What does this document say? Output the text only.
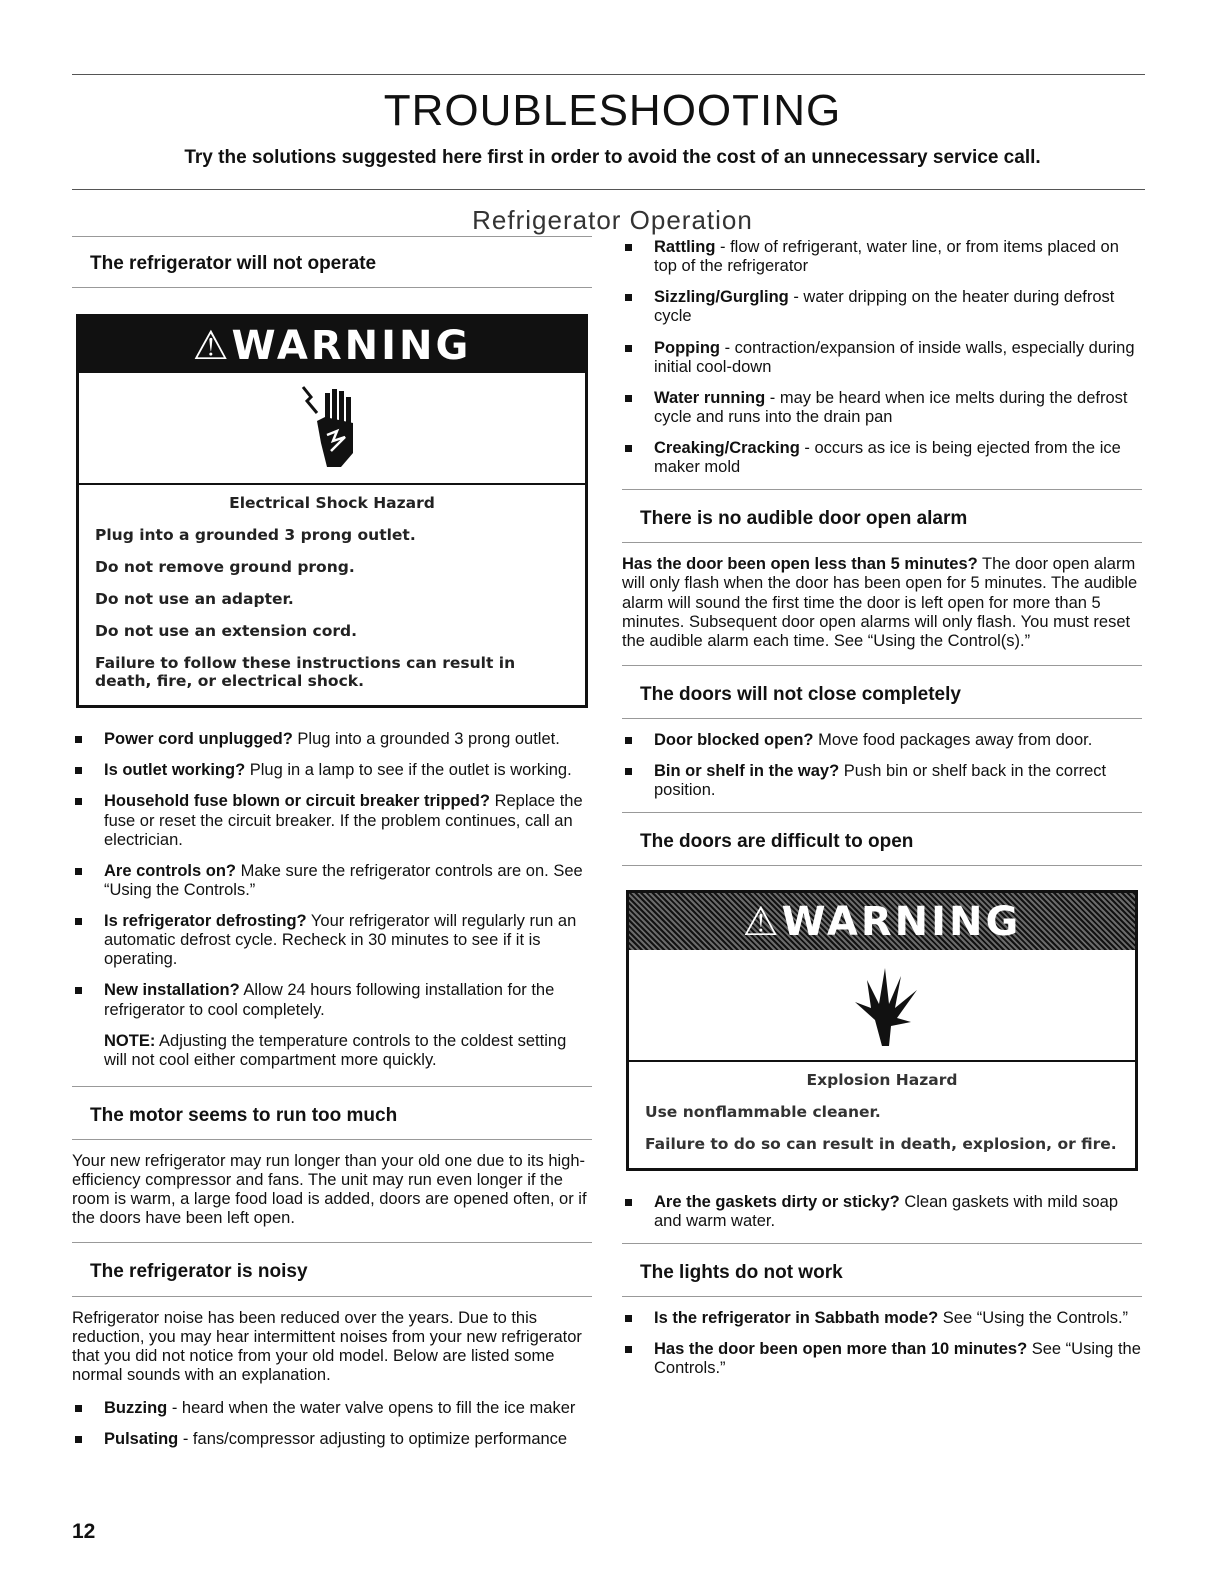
TROUBLESHOOTING
Try the solutions suggested here first in order to avoid the cost of an unnecessary service call.
Refrigerator Operation
The refrigerator will not operate
⚠WARNING
Electrical Shock Hazard

Plug into a grounded 3 prong outlet.

Do not remove ground prong.

Do not use an adapter.

Do not use an extension cord.

Failure to follow these instructions can result in death, fire, or electrical shock.

Power cord unplugged? Plug into a grounded 3 prong outlet.
Is outlet working? Plug in a lamp to see if the outlet is working.
Household fuse blown or circuit breaker tripped? Replace the fuse or reset the circuit breaker. If the problem continues, call an electrician.
Are controls on? Make sure the refrigerator controls are on. See “Using the Controls.”
Is refrigerator defrosting? Your refrigerator will regularly run an automatic defrost cycle. Recheck in 30 minutes to see if it is operating.
New installation? Allow 24 hours following installation for the refrigerator to cool completely.

NOTE: Adjusting the temperature controls to the coldest setting will not cool either compartment more quickly.

The motor seems to run too much

Your new refrigerator may run longer than your old one due to its high-efficiency compressor and fans. The unit may run even longer if the room is warm, a large food load is added, doors are opened often, or if the doors have been left open.

The refrigerator is noisy

Refrigerator noise has been reduced over the years. Due to this reduction, you may hear intermittent noises from your new refrigerator that you did not notice from your old model. Below are listed some normal sounds with an explanation.

Buzzing - heard when the water valve opens to fill the ice maker
Pulsating - fans/compressor adjusting to optimize performance
Rattling - flow of refrigerant, water line, or from items placed on top of the refrigerator
Sizzling/Gurgling - water dripping on the heater during defrost cycle
Popping - contraction/expansion of inside walls, especially during initial cool-down
Water running - may be heard when ice melts during the defrost cycle and runs into the drain pan
Creaking/Cracking - occurs as ice is being ejected from the ice maker mold
There is no audible door open alarm

Has the door been open less than 5 minutes? The door open alarm will only flash when the door has been open for 5 minutes. The audible alarm will sound the first time the door is left open for more than 5 minutes. Subsequent door open alarms will only flash. You must reset the audible alarm each time. See “Using the Control(s).”

The doors will not close completely
Door blocked open? Move food packages away from door.
Bin or shelf in the way? Push bin or shelf back in the correct position.
The doors are difficult to open
⚠WARNING
Explosion Hazard

Use nonflammable cleaner.

Failure to do so can result in death, explosion, or fire.

Are the gaskets dirty or sticky? Clean gaskets with mild soap and warm water.
The lights do not work
Is the refrigerator in Sabbath mode? See “Using the Controls.”
Has the door been open more than 10 minutes? See “Using the Controls.”
12
